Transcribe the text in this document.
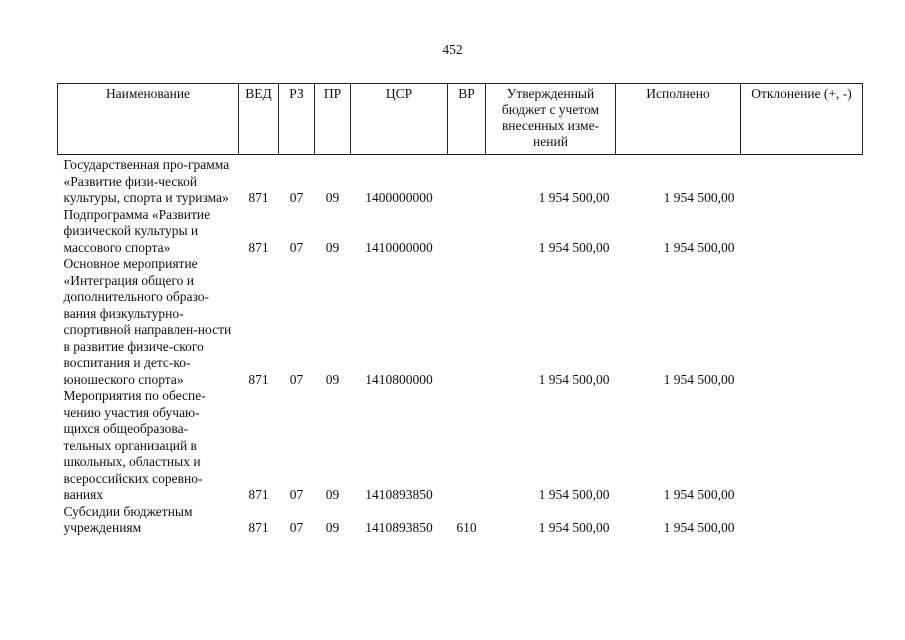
452
Наименование	ВЕД	РЗ	ПР	ЦСР	ВР	Утвержденный бюджет с учетом внесенных изме-нений	Исполнено	Отклонение (+, -)
Государственная про-грамма «Развитие физи-ческой культуры, спорта и туризма»	871	07	09	1400000000		1 954 500,00	1 954 500,00	
Подпрограмма «Развитие физической культуры и массового спорта»	871	07	09	1410000000		1 954 500,00	1 954 500,00	
Основное мероприятие «Интеграция общего и дополнительного образо-вания физкультурно-спортивной направлен-ности в развитие физиче-ского воспитания и детс-ко-юношеского спорта»	871	07	09	1410800000		1 954 500,00	1 954 500,00	
Мероприятия по обеспе-чению участия обучаю-щихся общеобразова-тельных организаций в школьных, областных и всероссийских соревно-ваниях	871	07	09	1410893850		1 954 500,00	1 954 500,00	
Субсидии бюджетным учреждениям	871	07	09	1410893850	610	1 954 500,00	1 954 500,00	
